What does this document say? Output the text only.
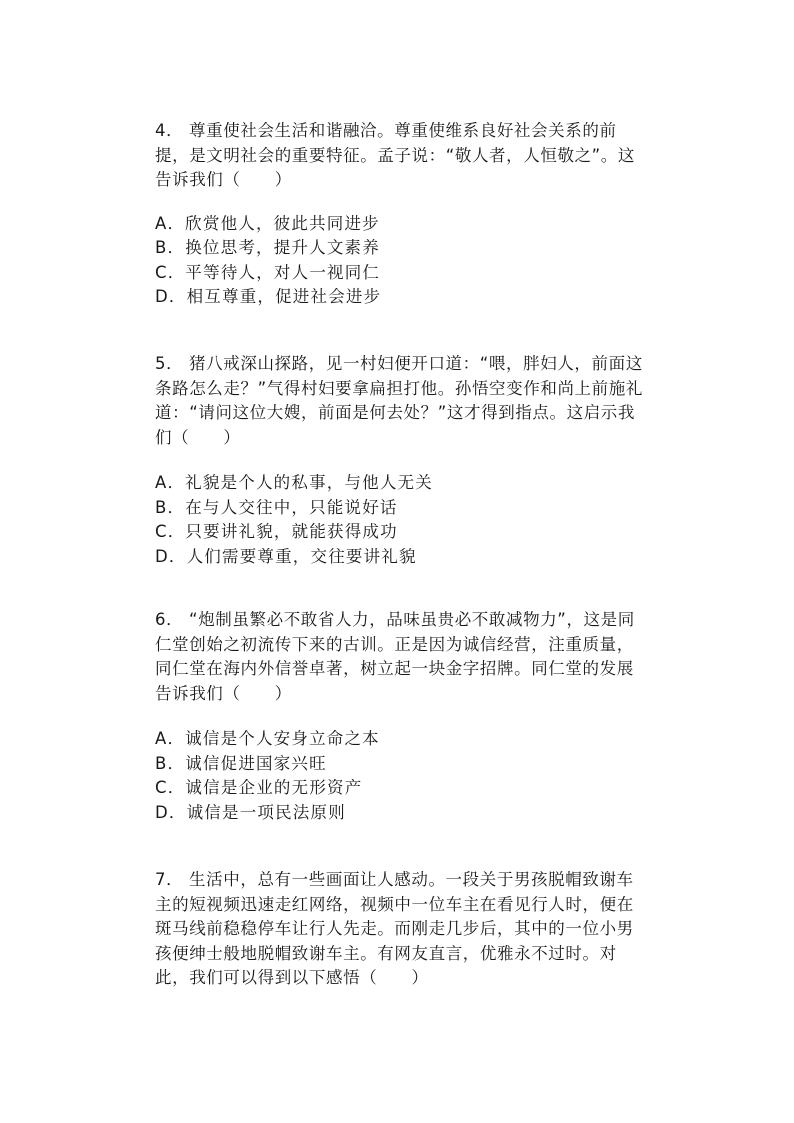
4． 尊重使社会生活和谐融洽。尊重使维系良好社会关系的前提，是文明社会的重要特征。孟子说：“敬人者，人恒敬之”。这告诉我们（　　）

A．欣赏他人，彼此共同进步
B．换位思考，提升人文素养
C．平等待人，对人一视同仁
D．相互尊重，促进社会进步

5． 猪八戒深山探路，见一村妇便开口道：“喂，胖妇人，前面这条路怎么走？”气得村妇要拿扁担打他。孙悟空变作和尚上前施礼道：“请问这位大嫂，前面是何去处？”这才得到指点。这启示我们（　　）

A．礼貌是个人的私事，与他人无关
B．在与人交往中，只能说好话
C．只要讲礼貌，就能获得成功
D．人们需要尊重，交往要讲礼貌

6． “炮制虽繁必不敢省人力，品味虽贵必不敢减物力”，这是同仁堂创始之初流传下来的古训。正是因为诚信经营，注重质量，同仁堂在海内外信誉卓著，树立起一块金字招牌。同仁堂的发展告诉我们（　　）

A．诚信是个人安身立命之本
B．诚信促进国家兴旺
C．诚信是企业的无形资产
D．诚信是一项民法原则

7． 生活中，总有一些画面让人感动。一段关于男孩脱帽致谢车主的短视频迅速走红网络，视频中一位车主在看见行人时，便在斑马线前稳稳停车让行人先走。而刚走几步后，其中的一位小男孩便绅士般地脱帽致谢车主。有网友直言，优雅永不过时。对此，我们可以得到以下感悟（　　）
